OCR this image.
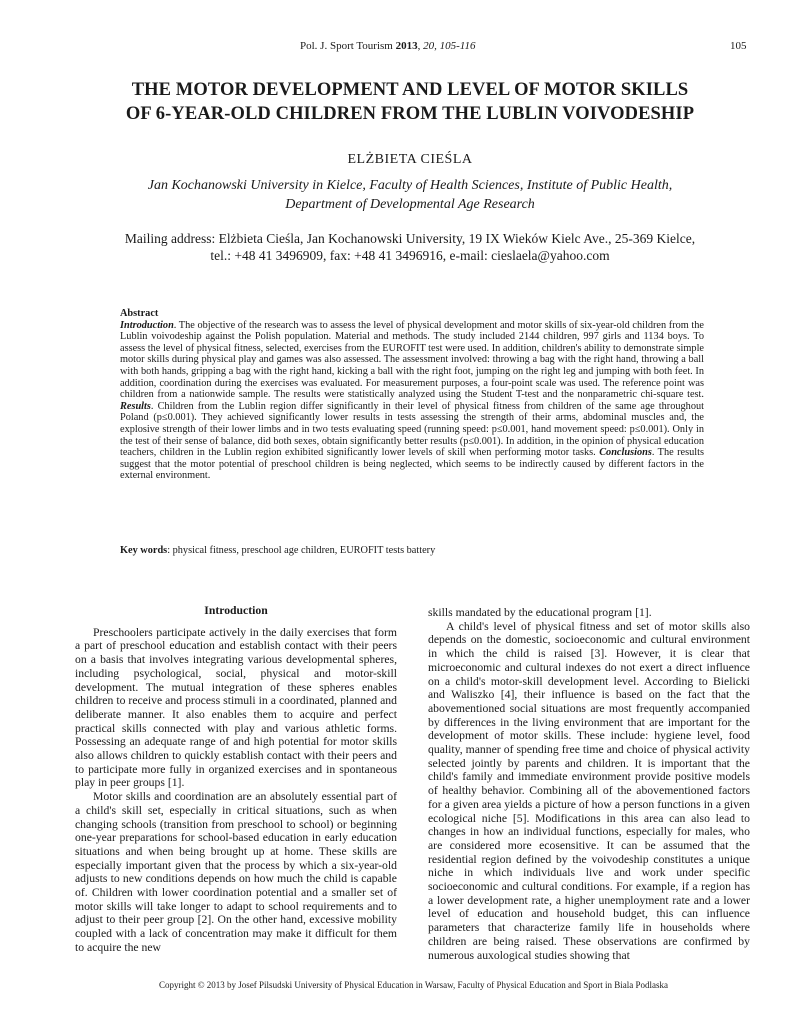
Pol. J. Sport Tourism 2013, 20, 105-116	105
THE MOTOR DEVELOPMENT AND LEVEL OF MOTOR SKILLS
OF 6-YEAR-OLD CHILDREN FROM THE LUBLIN VOIVODESHIP
ELŻBIETA CIEŚLA
Jan Kochanowski University in Kielce, Faculty of Health Sciences, Institute of Public Health,
Department of Developmental Age Research
Mailing address: Elżbieta Cieśla, Jan Kochanowski University, 19 IX Wieków Kielc Ave., 25-369 Kielce,
tel.: +48 41 3496909, fax: +48 41 3496916, e-mail: cieslaela@yahoo.com
Abstract
Introduction. The objective of the research was to assess the level of physical development and motor skills of six-year-old children from the Lublin voivodeship against the Polish population. Material and methods. The study included 2144 children, 997 girls and 1134 boys. To assess the level of physical fitness, selected, exercises from the EUROFIT test were used. In addition, children's ability to demonstrate simple motor skills during physical play and games was also assessed. The assessment involved: throwing a bag with the right hand, throwing a ball with both hands, gripping a bag with the right hand, kicking a ball with the right foot, jumping on the right leg and jumping with both feet. In addition, coordination during the exercises was evaluated. For measurement purposes, a four-point scale was used. The reference point was children from a nationwide sample. The results were statistically analyzed using the Student T-test and the nonparametric chi-square test. Results. Children from the Lublin region differ significantly in their level of physical fitness from children of the same age throughout Poland (p≤0.001). They achieved significantly lower results in tests assessing the strength of their arms, abdominal muscles and, the explosive strength of their lower limbs and in two tests evaluating speed (running speed: p≤0.001, hand movement speed: p≤0.001). Only in the test of their sense of balance, did both sexes, obtain significantly better results (p≤0.001). In addition, in the opinion of physical education teachers, children in the Lublin region exhibited significantly lower levels of skill when performing motor tasks. Conclusions. The results suggest that the motor potential of preschool children is being neglected, which seems to be indirectly caused by different factors in the external environment.
Key words: physical fitness, preschool age children, EUROFIT tests battery
Introduction

Preschoolers participate actively in the daily exercises that form a part of preschool education and establish contact with their peers on a basis that involves integrating various developmental spheres, including psychological, social, physical and motor-skill development. The mutual integration of these spheres enables children to receive and process stimuli in a coordinated, planned and deliberate manner. It also enables them to acquire and perfect practical skills connected with play and various athletic forms. Possessing an adequate range of and high potential for motor skills also allows children to quickly establish contact with their peers and to participate more fully in organized exercises and in spontaneous play in peer groups [1].

Motor skills and coordination are an absolutely essential part of a child's skill set, especially in critical situations, such as when changing schools (transition from preschool to school) or beginning one-year preparations for school-based education in early education situations and when being brought up at home. These skills are especially important given that the process by which a six-year-old adjusts to new conditions depends on how much the child is capable of. Children with lower coordination potential and a smaller set of motor skills will take longer to adapt to school requirements and to adjust to their peer group [2]. On the other hand, excessive mobility coupled with a lack of concentration may make it difficult for them to acquire the new

skills mandated by the educational program [1].

A child's level of physical fitness and set of motor skills also depends on the domestic, socioeconomic and cultural environment in which the child is raised [3]. However, it is clear that microeconomic and cultural indexes do not exert a direct influence on a child's motor-skill development level. According to Bielicki and Waliszko [4], their influence is based on the fact that the abovementioned social situations are most frequently accompanied by differences in the living environment that are important for the development of motor skills. These include: hygiene level, food quality, manner of spending free time and choice of physical activity selected jointly by parents and children. It is important that the child's family and immediate environment provide positive models of healthy behavior. Combining all of the abovementioned factors for a given area yields a picture of how a person functions in a given ecological niche [5]. Modifications in this area can also lead to changes in how an individual functions, especially for males, who are considered more ecosensitive. It can be assumed that the residential region defined by the voivodeship constitutes a unique niche in which individuals live and work under specific socioeconomic and cultural conditions. For example, if a region has a lower development rate, a higher unemployment rate and a lower level of education and household budget, this can influence parameters that characterize family life in households where children are being raised. These observations are confirmed by numerous auxological studies showing that

Copyright © 2013 by Josef Pilsudski University of Physical Education in Warsaw, Faculty of Physical Education and Sport in Biala Podlaska
